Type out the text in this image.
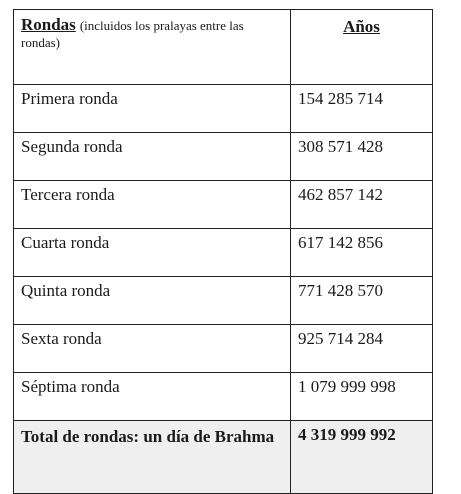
Rondas (incluidos los pralayas entre las rondas)	Años
Primera ronda	154 285 714
Segunda ronda	308 571 428
Tercera ronda	462 857 142
Cuarta ronda	617 142 856
Quinta ronda	771 428 570
Sexta ronda	925 714 284
Séptima ronda	1 079 999 998
Total de rondas: un día de Brahma	4 319 999 992
